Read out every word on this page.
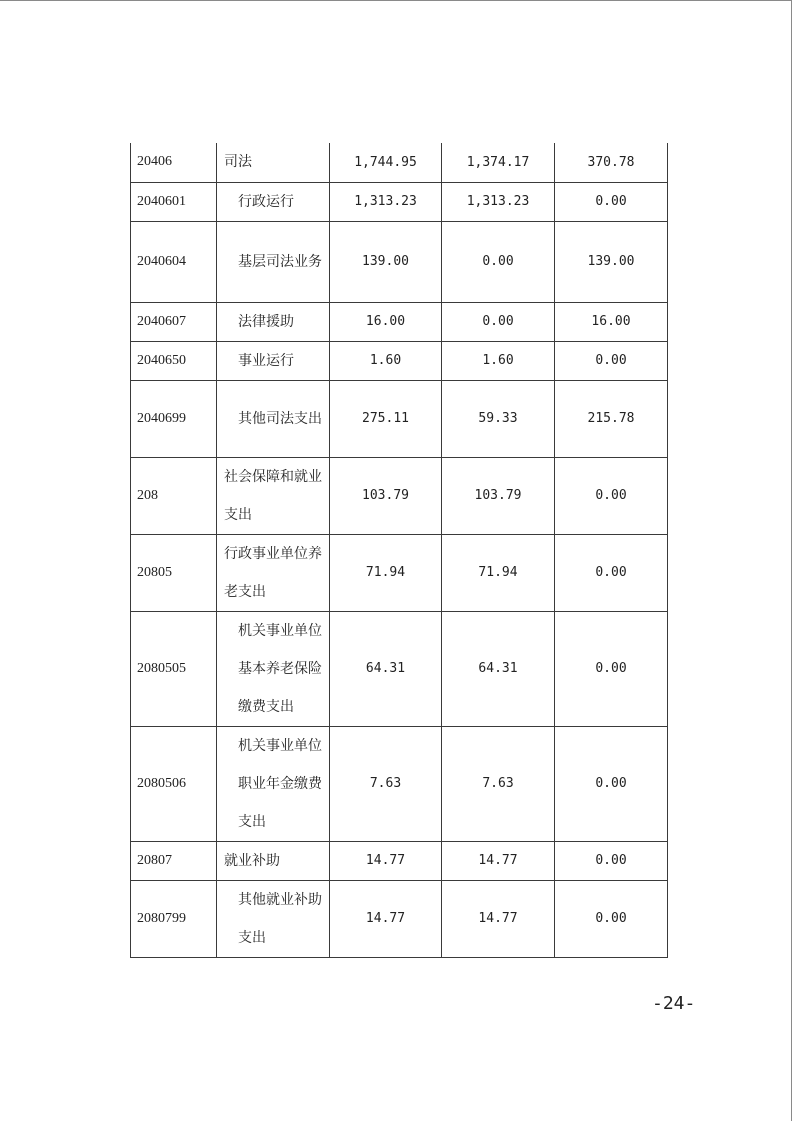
20406	司法	1,744.95	1,374.17	370.78
2040601	行政运行	1,313.23	1,313.23	0.00
2040604	基层司法业务	139.00	0.00	139.00
2040607	法律援助	16.00	0.00	16.00
2040650	事业运行	1.60	1.60	0.00
2040699	其他司法支出	275.11	59.33	215.78
208	社会保障和就业支出	103.79	103.79	0.00
20805	行政事业单位养老支出	71.94	71.94	0.00
2080505	机关事业单位基本养老保险缴费支出	64.31	64.31	0.00
2080506	机关事业单位职业年金缴费支出	7.63	7.63	0.00
20807	就业补助	14.77	14.77	0.00
2080799	其他就业补助支出	14.77	14.77	0.00
-24-
